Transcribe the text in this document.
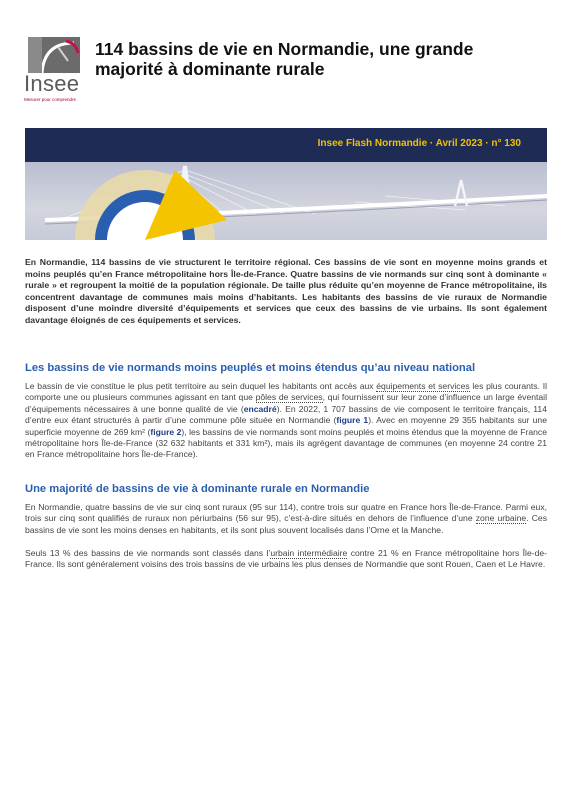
Insee
Mesurer pour comprendre
114 bassins de vie en Normandie, une grande majorité à dominante rurale
Insee Flash Normandie · Avril 2023 · n° 130

En Normandie, 114 bassins de vie structurent le territoire régional. Ces bassins de vie sont en moyenne moins grands et moins peuplés qu’en France métropolitaine hors Île-de-France. Quatre bassins de vie normands sur cinq sont à dominante « rurale » et regroupent la moitié de la population régionale. De taille plus réduite qu’en moyenne de France métropolitaine, ils concentrent davantage de communes mais moins d’habitants. Les habitants des bassins de vie ruraux de Normandie disposent d’une moindre diversité d’équipements et services que ceux des bassins de vie urbains. Ils sont également davantage éloignés de ces équipements et services.

Les bassins de vie normands moins peuplés et moins étendus qu’au niveau national

Le bassin de vie constitue le plus petit territoire au sein duquel les habitants ont accès aux équipements et services les plus courants. Il comporte une ou plusieurs communes agissant en tant que pôles de services, qui fournissent sur leur zone d’influence un large éventail d’équipements nécessaires à une bonne qualité de vie (encadré). En 2022, 1 707 bassins de vie composent le territoire français, 114 d’entre eux étant structurés à partir d’une commune pôle située en Normandie (figure 1). Avec en moyenne 29 355 habitants sur une superficie moyenne de 269 km² (figure 2), les bassins de vie normands sont moins peuplés et moins étendus que la moyenne de France métropolitaine hors Île-de-France (32 632 habitants et 331 km²), mais ils agrègent davantage de communes (en moyenne 24 contre 21 en France métropolitaine hors Île-de-France).

Une majorité de bassins de vie à dominante rurale en Normandie

En Normandie, quatre bassins de vie sur cinq sont ruraux (95 sur 114), contre trois sur quatre en France hors Île-de-France. Parmi eux, trois sur cinq sont qualifiés de ruraux non périurbains (56 sur 95), c’est-à-dire situés en dehors de l’influence d’une zone urbaine. Ces bassins de vie sont les moins denses en habitants, et ils sont plus souvent localisés dans l’Orne et la Manche.

Seuls 13 % des bassins de vie normands sont classés dans l’urbain intermédiaire contre 21 % en France métropolitaine hors Île-de-France. Ils sont généralement voisins des trois bassins de vie urbains les plus denses de Normandie que sont Rouen, Caen et Le Havre.
